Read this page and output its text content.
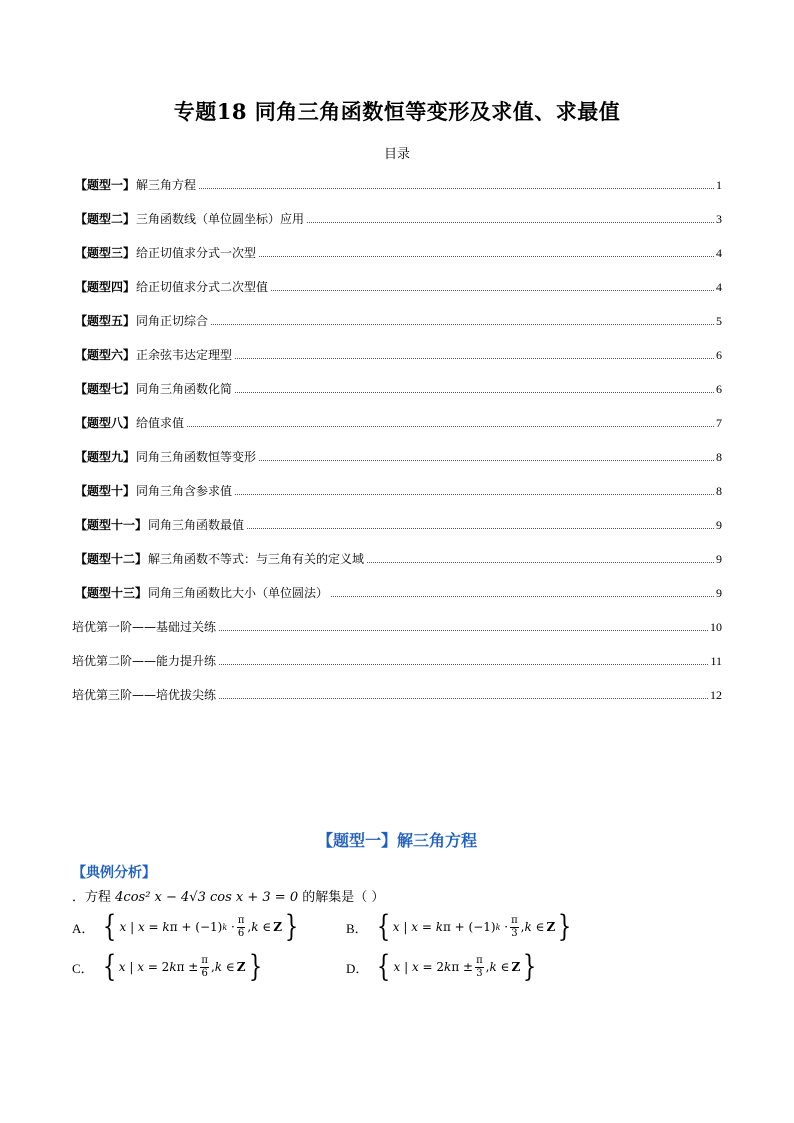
专题18 同角三角函数恒等变形及求值、求最值
目录
【题型一】 解三角方程	1
【题型二】 三角函数线（单位圆坐标）应用	3
【题型三】 给正切值求分式一次型	4
【题型四】 给正切值求分式二次型值	4
【题型五】 同角正切综合	5
【题型六】 正余弦韦达定理型	6
【题型七】 同角三角函数化简	6
【题型八】 给值求值	7
【题型九】 同角三角函数恒等变形	8
【题型十】 同角三角含参求值	8
【题型十一】 同角三角函数最值	9
【题型十二】 解三角函数不等式：与三角有关的定义域	9
【题型十三】 同角三角函数比大小（单位圆法）	9
培优第一阶——基础过关练	10
培优第二阶——能力提升练	11
培优第三阶——培优拔尖练	12
【题型一】解三角方程
【典例分析】
．方程 4cos² x − 4√3 cos x + 3 = 0 的解集是（ ）
A． { x | x = k π + (−1) $k \cdot \frac{\pi}{6}$ , k ∈ Z }	B． { x | x = k π + (−1) $k \cdot \frac{\pi}{3}$ , k ∈ Z }
C． { x | x = 2 k $\pi \pm \frac{\pi}{6}$ , k ∈ Z }	D． { x | x = 2 k $\pi \pm \frac{\pi}{3}$ , k ∈ Z }
